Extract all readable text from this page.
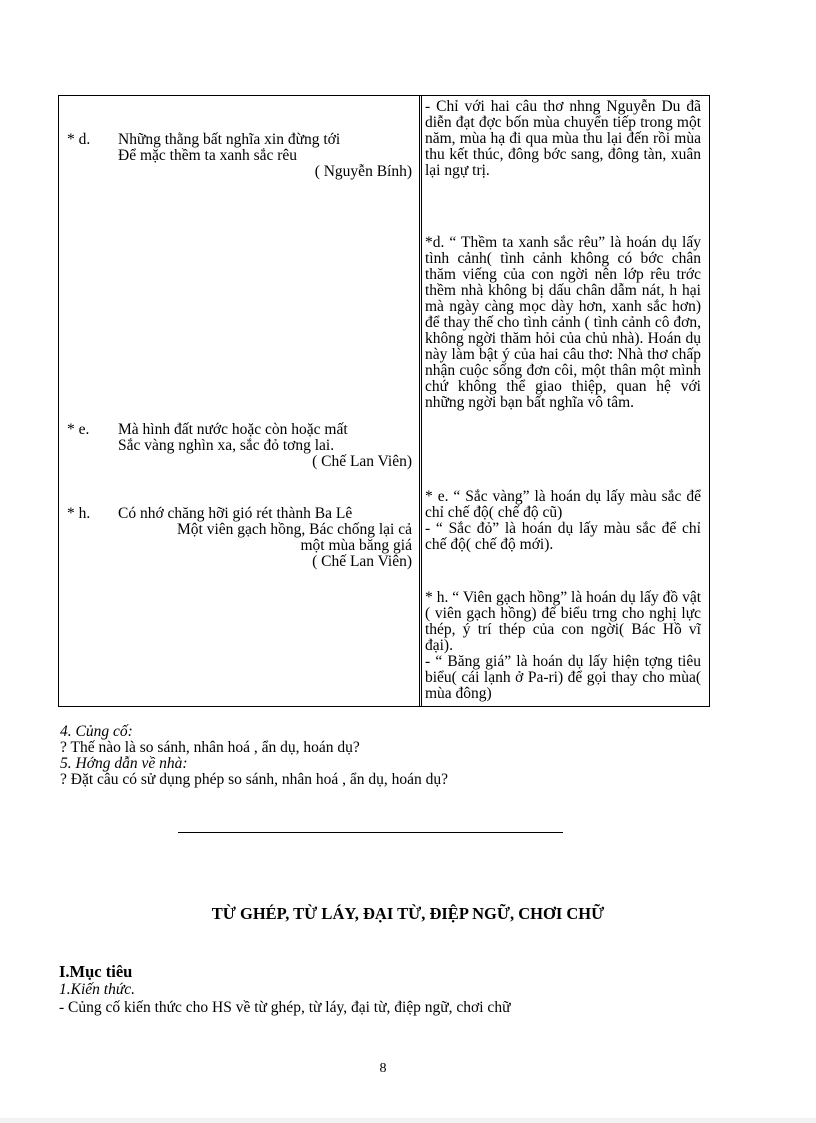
* d. Những thằng bất nghĩa xin đừng tới
Để mặc thềm ta xanh sắc rêu
( Nguyễn Bính)
* e. Mà hình đất nước hoặc còn hoặc mất
Sắc vàng nghìn xa, sắc đỏ tơng lai.
( Chế Lan Viên)
* h. Có nhớ chăng hỡi gió rét thành Ba Lê
Một viên gạch hồng, Bác chống lại cả
một mùa băng giá
( Chế Lan Viên)

- Chỉ với hai câu thơ nhng Nguyễn Du đã diễn đạt đợc bốn mùa chuyển tiếp trong một năm, mùa hạ đi qua mùa thu lại đến rồi mùa thu kết thúc, đông bớc sang, đông tàn, xuân lại ngự trị.

*d. “ Thềm ta xanh sắc rêu” là hoán dụ lấy tình cảnh( tình cảnh không có bớc chân thăm viếng của con ngời nên lớp rêu trớc thềm nhà không bị dấu chân dẫm nát, h hại mà ngày càng mọc dày hơn, xanh sắc hơn) để thay thế cho tình cảnh ( tình cảnh cô đơn, không ngời thăm hỏi của chủ nhà). Hoán dụ này làm bật ý của hai câu thơ: Nhà thơ chấp nhận cuộc sống đơn côi, một thân một mình chứ không thể giao thiệp, quan hệ với những ngời bạn bất nghĩa vô tâm.

* e. “ Sắc vàng” là hoán dụ lấy màu sắc để chỉ chế độ( chế độ cũ)

- “ Sắc đỏ” là hoán dụ lấy màu sắc để chỉ chế độ( chế độ mới).

* h. “ Viên gạch hồng” là hoán dụ lấy đồ vật ( viên gạch hồng) để biểu trng cho nghị lực thép, ý trí thép của con ngời( Bác Hồ vĩ đại).

- “ Băng giá” là hoán dụ lấy hiện tợng tiêu biểu( cái lạnh ở Pa-ri) để gọi thay cho mùa( mùa đông)

4. Củng cố:
? Thế nào là so sánh, nhân hoá , ẩn dụ, hoán dụ?
5. Hớng dẫn về nhà:
? Đặt câu có sử dụng phép so sánh, nhân hoá , ẩn dụ, hoán dụ?
TỪ GHÉP, TỪ LÁY, ĐẠI TỪ, ĐIỆP NGỮ, CHƠI CHỮ
I.Mục tiêu
1.Kiến thức.
- Củng cố kiến thức cho HS về từ ghép, từ láy, đại từ, điệp ngữ, chơi chữ
8
